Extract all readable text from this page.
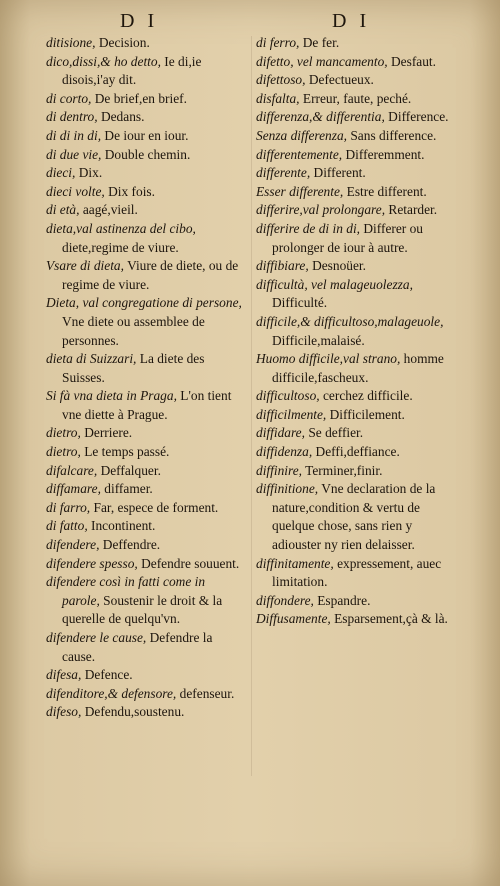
D I	D I

ditisione, Decision.

dico,dissi,& ho detto, Ie di,ie disois,i'ay dit.

di corto, De brief,en brief.

di dentro, Dedans.

di di in di, De iour en iour.

di due vie, Double chemin.

dieci, Dix.

dieci volte, Dix fois.

di età, aagé,vieil.

dieta,val astinenza del cibo, diete,regime de viure.

Vsare di dieta, Viure de diete, ou de regime de viure.

Dieta, val congregatione di persone, Vne diete ou assemblee de personnes.

dieta di Suizzari, La diete des Suisses.

Si fà vna dieta in Praga, L'on tient vne diette à Prague.

dietro, Derriere.

dietro, Le temps passé.

difalcare, Deffalquer.

diffamare, diffamer.

di farro, Far, espece de forment.

di fatto, Incontinent.

difendere, Deffendre.

difendere spesso, Defendre souuent.

difendere così in fatti come in parole, Soustenir le droit & la querelle de quelqu'vn.

difendere le cause, Defendre la cause.

difesa, Defence.

difenditore,& defensore, defenseur.

difeso, Defendu,soustenu.

di ferro, De fer.

difetto, vel mancamento, Desfaut.

difettoso, Defectueux.

disfalta, Erreur, faute, peché.

differenza,& differentia, Difference.

Senza differenza, Sans difference.

differentemente, Differemment.

differente, Different.

Esser differente, Estre different.

differire,val prolongare, Retarder.

differire de di in di, Differer ou prolonger de iour à autre.

diffibiare, Desnoüer.

difficultà, vel malageuolezza, Difficulté.

difficile,& difficultoso,malageuole, Difficile,malaisé.

Huomo difficile,val strano, homme difficile,fascheux.

difficultoso, cerchez difficile.

difficilmente, Difficilement.

diffidare, Se deffier.

diffidenza, Deffi,deffiance.

diffinire, Terminer,finir.

diffinitione, Vne declaration de la nature,condition & vertu de quelque chose, sans rien y adiouster ny rien delaisser.

diffinitamente, expressement, auec limitation.

diffondere, Espandre.

Diffusamente, Esparsement,çà & là.
